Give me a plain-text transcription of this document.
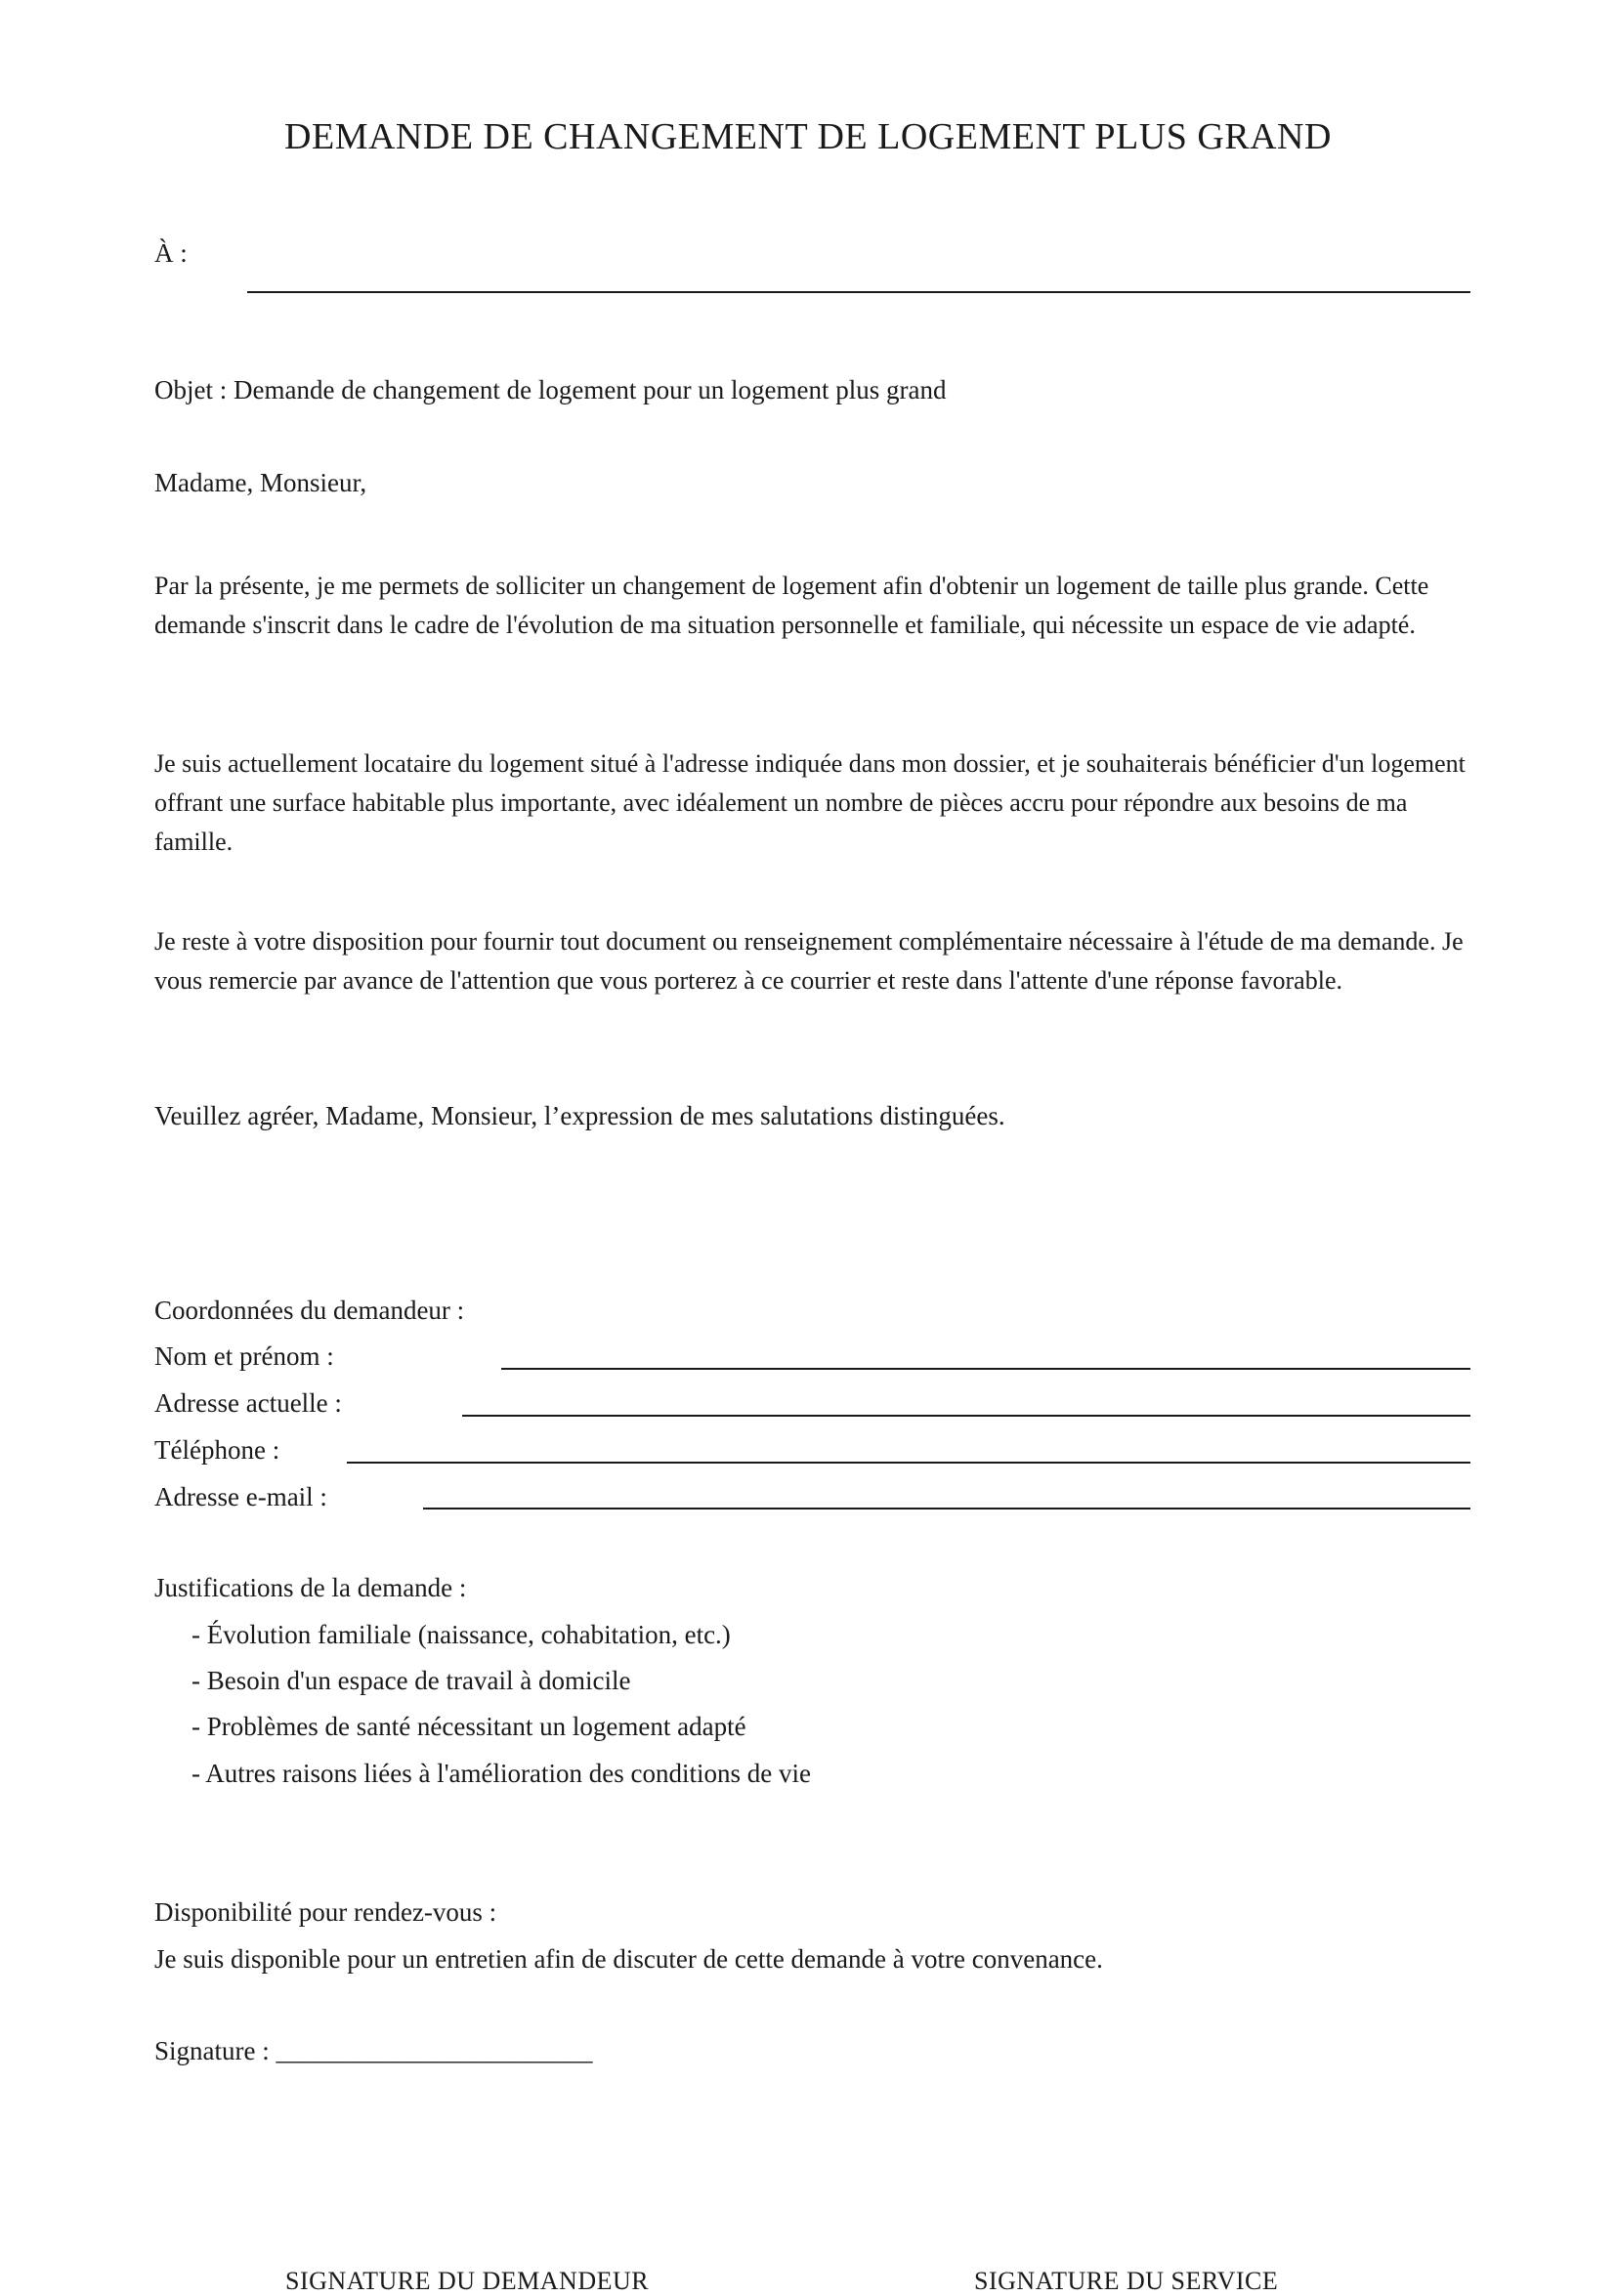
DEMANDE DE CHANGEMENT DE LOGEMENT PLUS GRAND
À :
Objet : Demande de changement de logement pour un logement plus grand
Madame, Monsieur,
Par la présente, je me permets de solliciter un changement de logement afin d'obtenir un logement de taille plus grande. Cette demande s'inscrit dans le cadre de l'évolution de ma situation personnelle et familiale, qui nécessite un espace de vie adapté.
Je suis actuellement locataire du logement situé à l'adresse indiquée dans mon dossier, et je souhaiterais bénéficier d'un logement offrant une surface habitable plus importante, avec idéalement un nombre de pièces accru pour répondre aux besoins de ma famille.
Je reste à votre disposition pour fournir tout document ou renseignement complémentaire nécessaire à l'étude de ma demande. Je vous remercie par avance de l'attention que vous porterez à ce courrier et reste dans l'attente d'une réponse favorable.
Veuillez agréer, Madame, Monsieur, l’expression de mes salutations distinguées.
Coordonnées du demandeur :
Nom et prénom :
Adresse actuelle :
Téléphone :
Adresse e-mail :
Justifications de la demande :
- Évolution familiale (naissance, cohabitation, etc.)
- Besoin d'un espace de travail à domicile
- Problèmes de santé nécessitant un logement adapté
- Autres raisons liées à l'amélioration des conditions de vie
Disponibilité pour rendez-vous :
Je suis disponible pour un entretien afin de discuter de cette demande à votre convenance.
Signature : ________________________
SIGNATURE DU DEMANDEUR	SIGNATURE DU SERVICE
